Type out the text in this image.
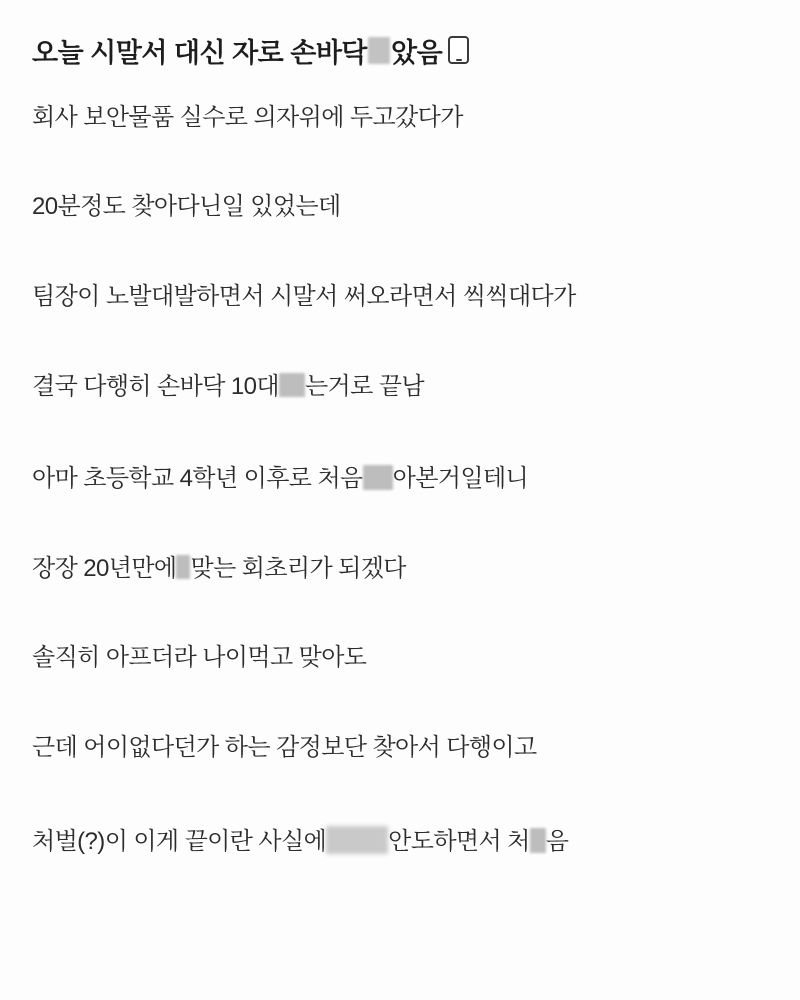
오늘 시말서 대신 자로 손바닥 았음

회사 보안물품 실수로 의자위에 두고갔다가

20분정도 찾아다닌일 있었는데

팀장이 노발대발하면서 시말서 써오라면서 씩씩대다가

결국 다행히 손바닥 10대 는거로 끝남

아마 초등학교 4학년 이후로 처음 아본거일테니

장장 20년만에 맞는 회초리가 되겠다

솔직히 아프더라 나이먹고 맞아도

근데 어이없다던가 하는 감정보단 찾아서 다행이고

처벌(?)이 이게 끝이란 사실에	안도하면서 처 음
